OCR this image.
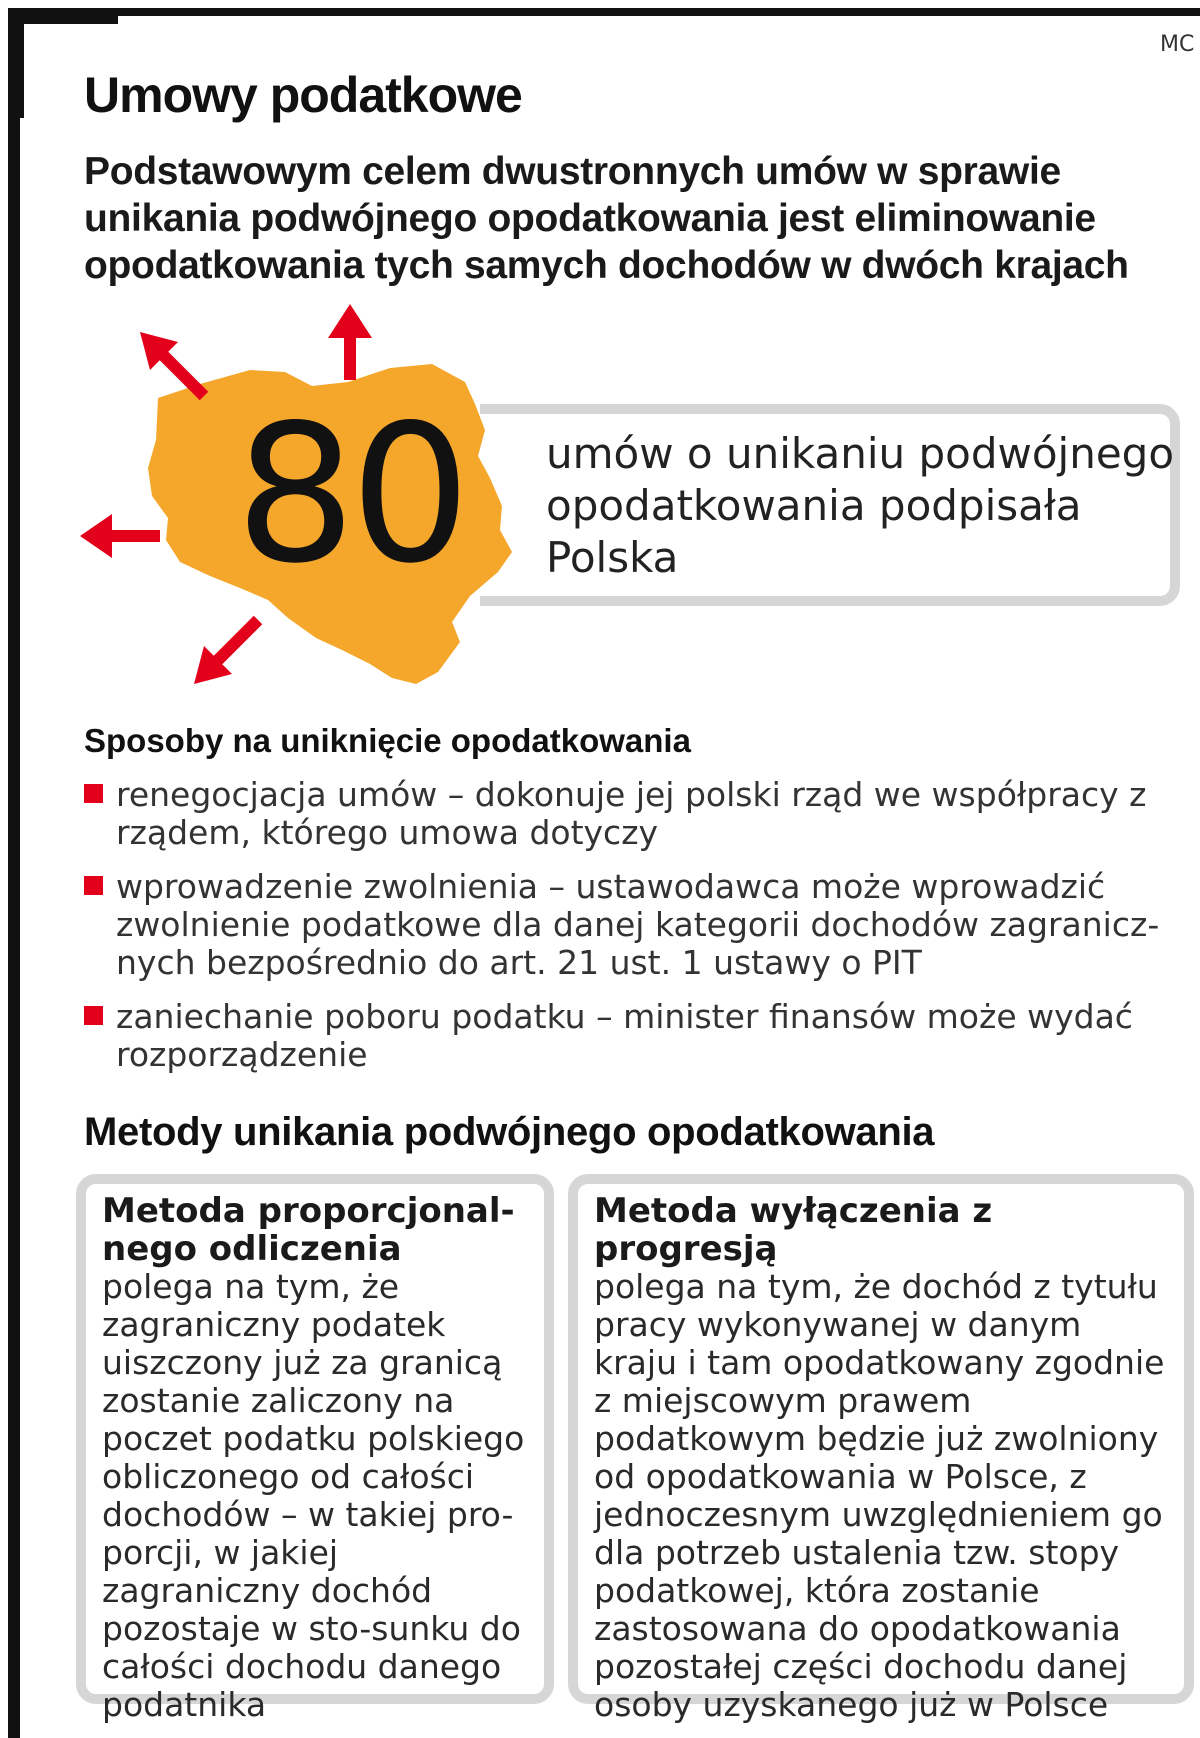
MC
Umowy podatkowe

Podstawowym celem dwustronnych umów w sprawie unikania podwójnego opodatkowania jest eliminowanie opodatkowania tych samych dochodów w dwóch krajach

80	umów o unikaniu podwójnego opodatkowania podpisała Polska

Sposoby na uniknięcie opodatkowania
renegocjacja umów – dokonuje jej polski rząd we współpracy z rządem, którego umowa dotyczy
wprowadzenie zwolnienia – ustawodawca może wprowadzić zwolnienie podatkowe dla danej kategorii dochodów zagranicz-nych bezpośrednio do art. 21 ust. 1 ustawy o PIT
zaniechanie poboru podatku – minister finansów może wydać rozporządzenie
Metody unikania podwójnego opodatkowania

Metoda proporcjonal-nego odliczenia

polega na tym, że zagraniczny podatek uiszczony już za granicą zostanie zaliczony na poczet podatku polskiego obliczonego od całości dochodów – w takiej pro-porcji, w jakiej zagraniczny dochód pozostaje w sto-sunku do całości dochodu danego podatnika

Metoda wyłączenia z progresją

polega na tym, że dochód z tytułu pracy wykonywanej w danym kraju i tam opodatkowany zgodnie z miejscowym prawem podatkowym będzie już zwolniony od opodatkowania w Polsce, z jednoczesnym uwzględnieniem go dla potrzeb ustalenia tzw. stopy podatkowej, która zostanie zastosowana do opodatkowania pozostałej części dochodu danej osoby uzyskanego już w Polsce
